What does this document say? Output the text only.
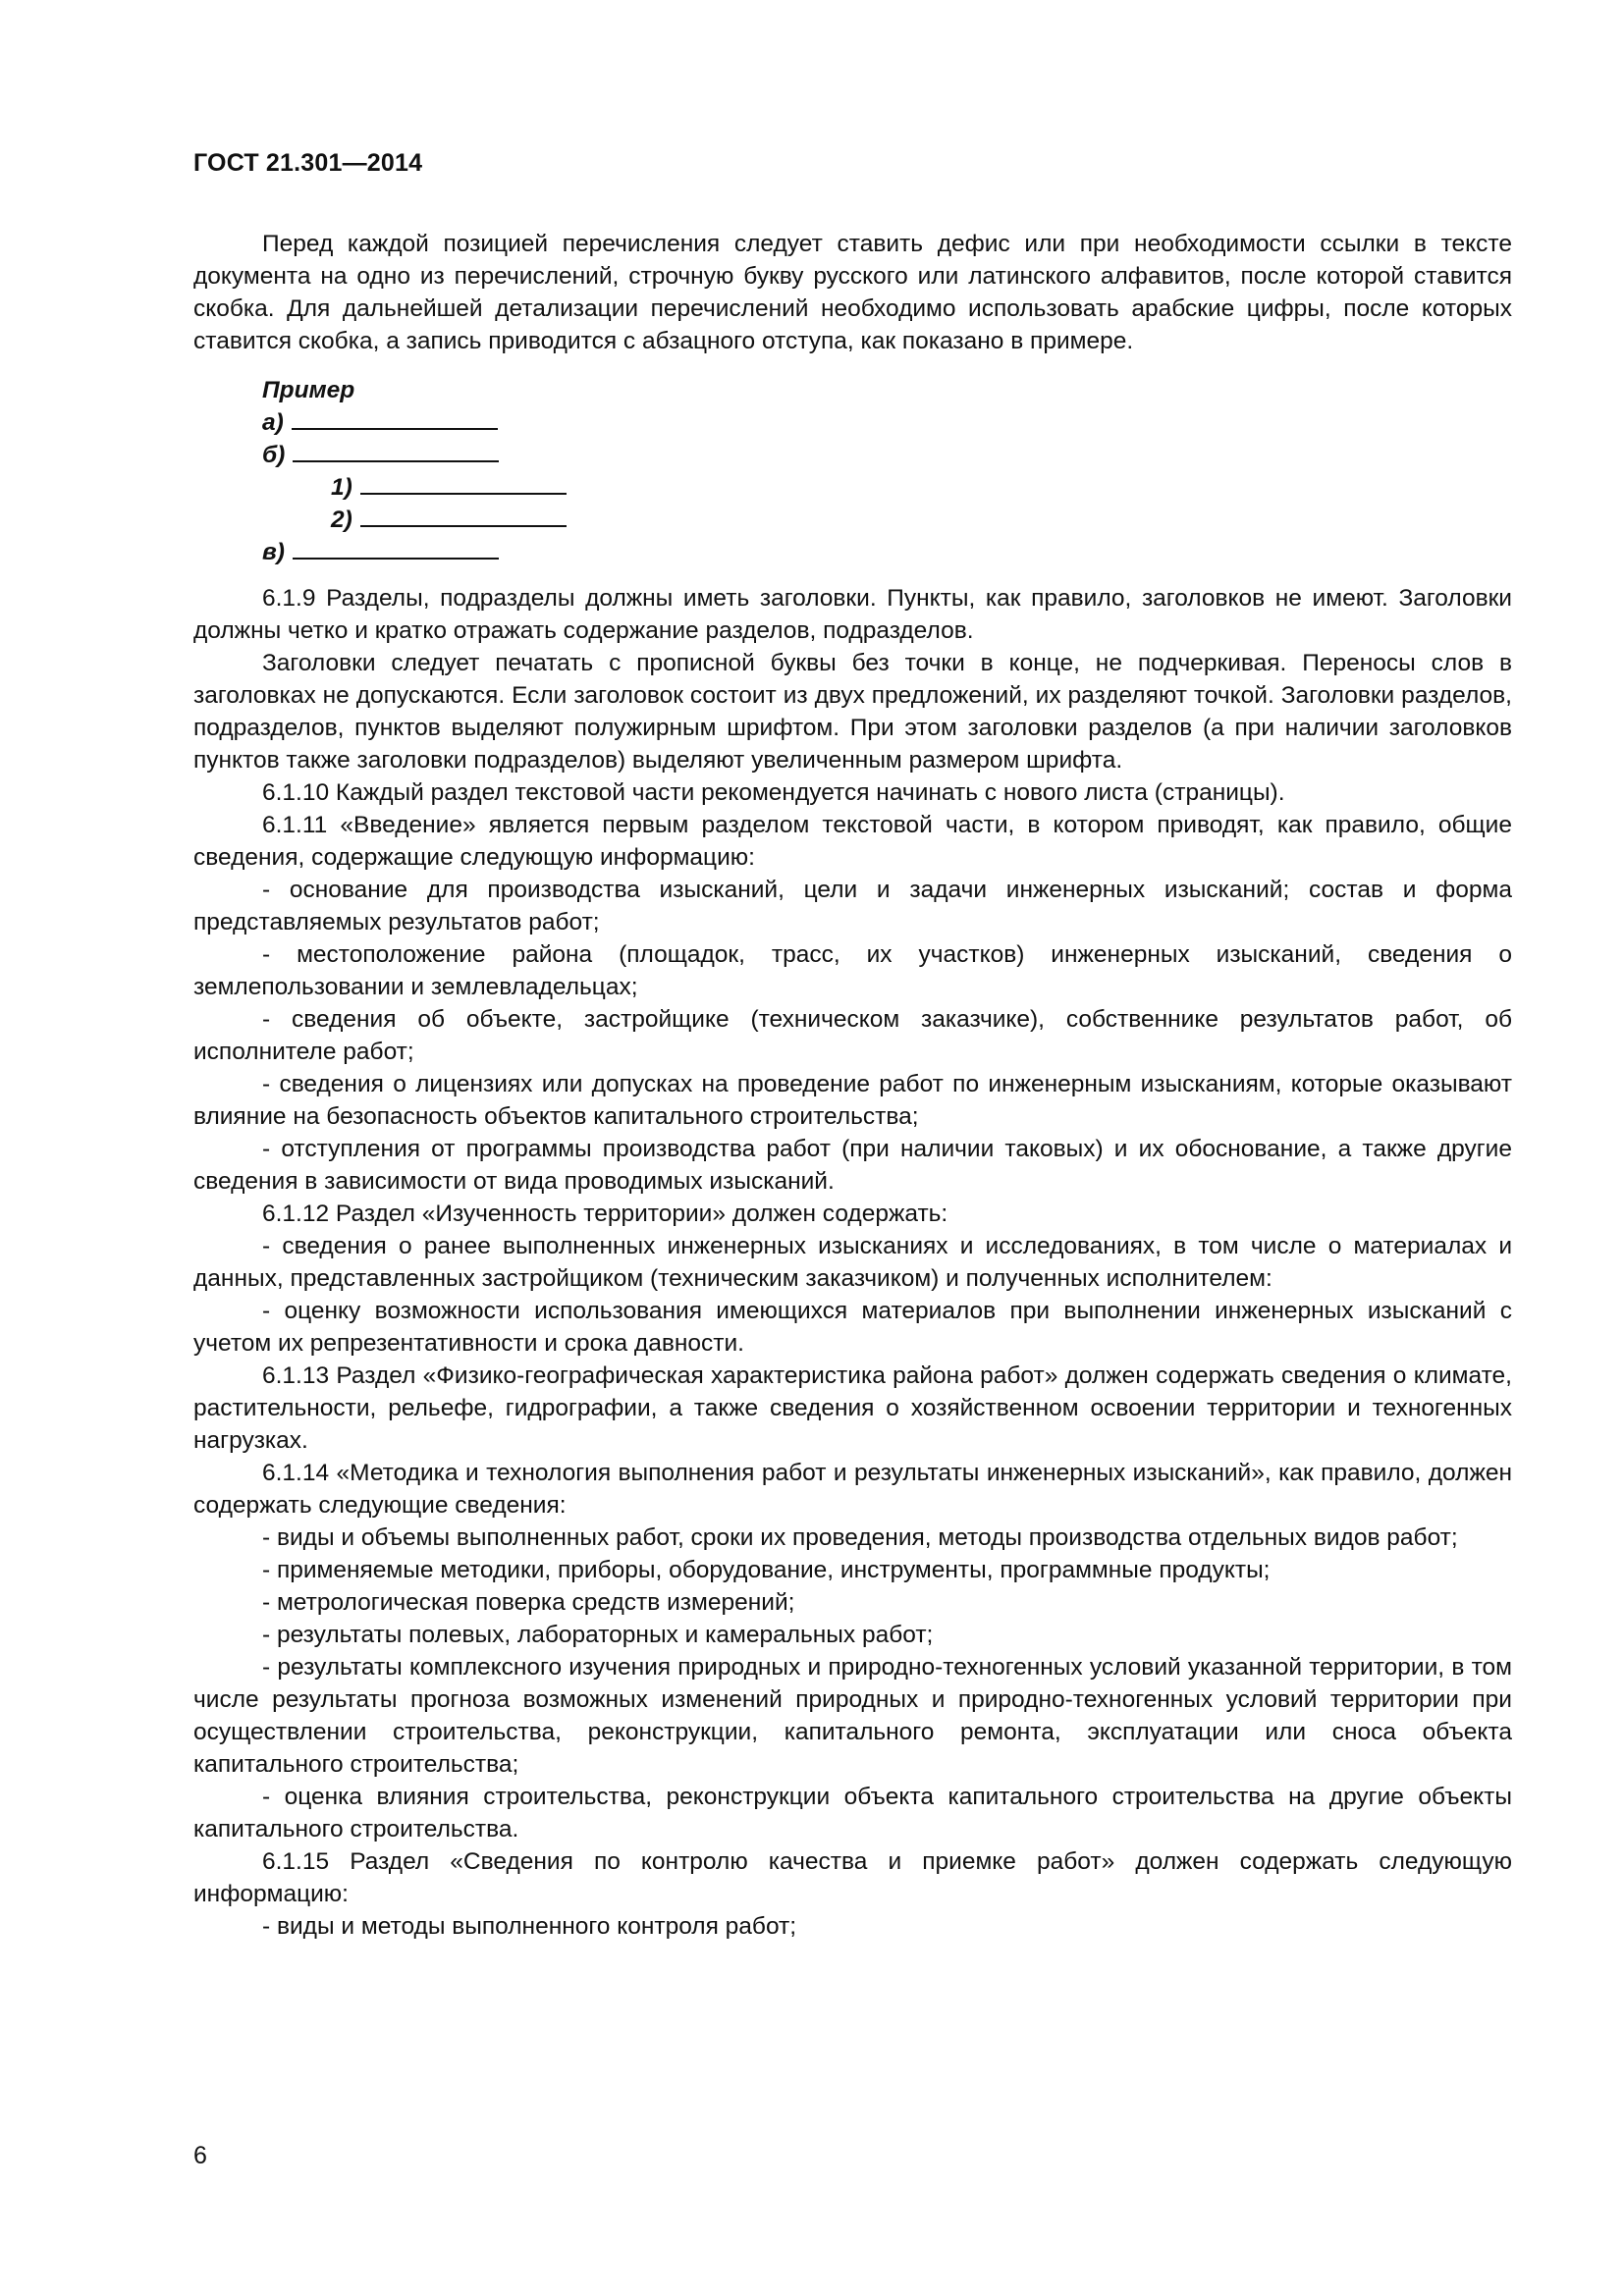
ГОСТ 21.301—2014

Перед каждой позицией перечисления следует ставить дефис или при необходимости ссылки в тексте документа на одно из перечислений, строчную букву русского или латинского алфавитов, после которой ставится скобка. Для дальнейшей детализации перечислений необходимо использовать арабские цифры, после которых ставится скобка, а запись приводится с абзацного отступа, как показано в примере.

Пример
а)
б)
1)
2)
в)

6.1.9 Разделы, подразделы должны иметь заголовки. Пункты, как правило, заголовков не имеют. Заголовки должны четко и кратко отражать содержание разделов, подразделов.

Заголовки следует печатать с прописной буквы без точки в конце, не подчеркивая. Переносы слов в заголовках не допускаются. Если заголовок состоит из двух предложений, их разделяют точкой. Заголовки разделов, подразделов, пунктов выделяют полужирным шрифтом. При этом заголовки разделов (а при наличии заголовков пунктов также заголовки подразделов) выделяют увеличенным размером шрифта.

6.1.10 Каждый раздел текстовой части рекомендуется начинать с нового листа (страницы).

6.1.11 «Введение» является первым разделом текстовой части, в котором приводят, как правило, общие сведения, содержащие следующую информацию:

- основание для производства изысканий, цели и задачи инженерных изысканий; состав и форма представляемых результатов работ;

- местоположение района (площадок, трасс, их участков) инженерных изысканий, сведения о землепользовании и землевладельцах;

- сведения об объекте, застройщике (техническом заказчике), собственнике результатов работ, об исполнителе работ;

- сведения о лицензиях или допусках на проведение работ по инженерным изысканиям, которые оказывают влияние на безопасность объектов капитального строительства;

- отступления от программы производства работ (при наличии таковых) и их обоснование, а также другие сведения в зависимости от вида проводимых изысканий.

6.1.12 Раздел «Изученность территории» должен содержать:

- сведения о ранее выполненных инженерных изысканиях и исследованиях, в том числе о материалах и данных, представленных застройщиком (техническим заказчиком) и полученных исполнителем:

- оценку возможности использования имеющихся материалов при выполнении инженерных изысканий с учетом их репрезентативности и срока давности.

6.1.13 Раздел «Физико-географическая характеристика района работ» должен содержать сведения о климате, растительности, рельефе, гидрографии, а также сведения о хозяйственном освоении территории и техногенных нагрузках.

6.1.14 «Методика и технология выполнения работ и результаты инженерных изысканий», как правило, должен содержать следующие сведения:

- виды и объемы выполненных работ, сроки их проведения, методы производства отдельных видов работ;

- применяемые методики, приборы, оборудование, инструменты, программные продукты;

- метрологическая поверка средств измерений;

- результаты полевых, лабораторных и камеральных работ;

- результаты комплексного изучения природных и природно-техногенных условий указанной территории, в том числе результаты прогноза возможных изменений природных и природно-техногенных условий территории при осуществлении строительства, реконструкции, капитального ремонта, эксплуатации или сноса объекта капитального строительства;

- оценка влияния строительства, реконструкции объекта капитального строительства на другие объекты капитального строительства.

6.1.15 Раздел «Сведения по контролю качества и приемке работ» должен содержать следующую информацию:

- виды и методы выполненного контроля работ;

6
